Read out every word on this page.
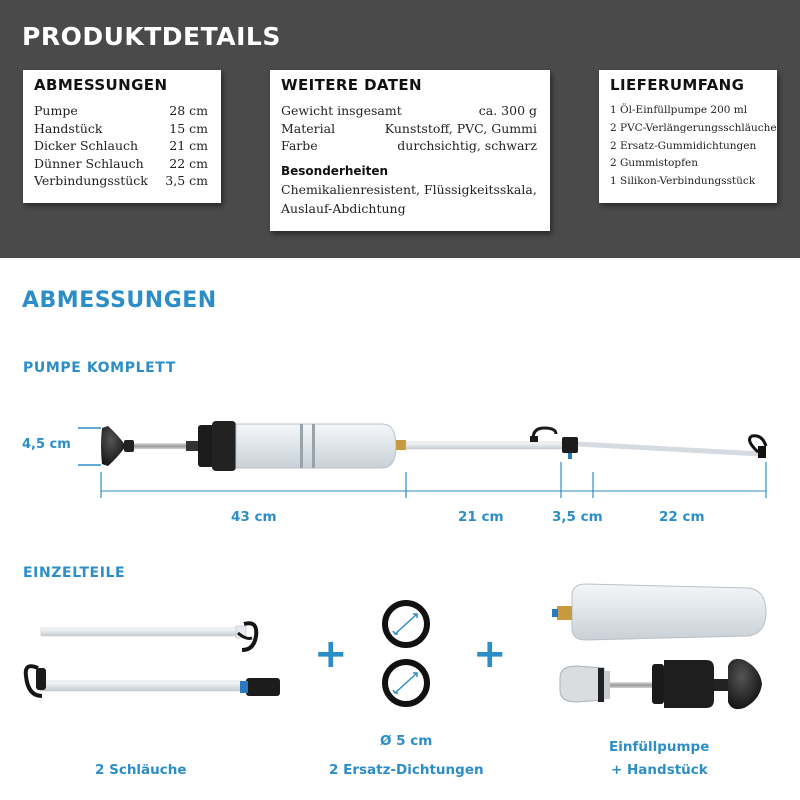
PRODUKTDETAILS
ABMESSUNGEN
Pumpe	28 cm
Handstück	15 cm
Dicker Schlauch 21 cm
Dünner Schlauch 22 cm
Verbindungsstück 3,5 cm
WEITERE DATEN
Gewicht insgesamt	ca. 300 g
Material	Kunststoff, PVC, Gummi
Farbe	durchsichtig, schwarz
Besonderheiten
Chemikalienresistent, Flüssigkeitsskala, Auslauf-Abdichtung
LIEFERUMFANG
1 Öl-Einfüllpumpe 200 ml
2 PVC-Verlängerungsschläuche
2 Ersatz-Gummidichtungen
2 Gummistopfen
1 Silikon-Verbindungsstück
ABMESSUNGEN
PUMPE KOMPLETT
4,5 cm
43 cm	21 cm	3,5 cm	22 cm
EINZELTEILE
+	+
Ø 5 cm
2 Schläuche	2 Ersatz-Dichtungen
Einfüllpumpe
+ Handstück
